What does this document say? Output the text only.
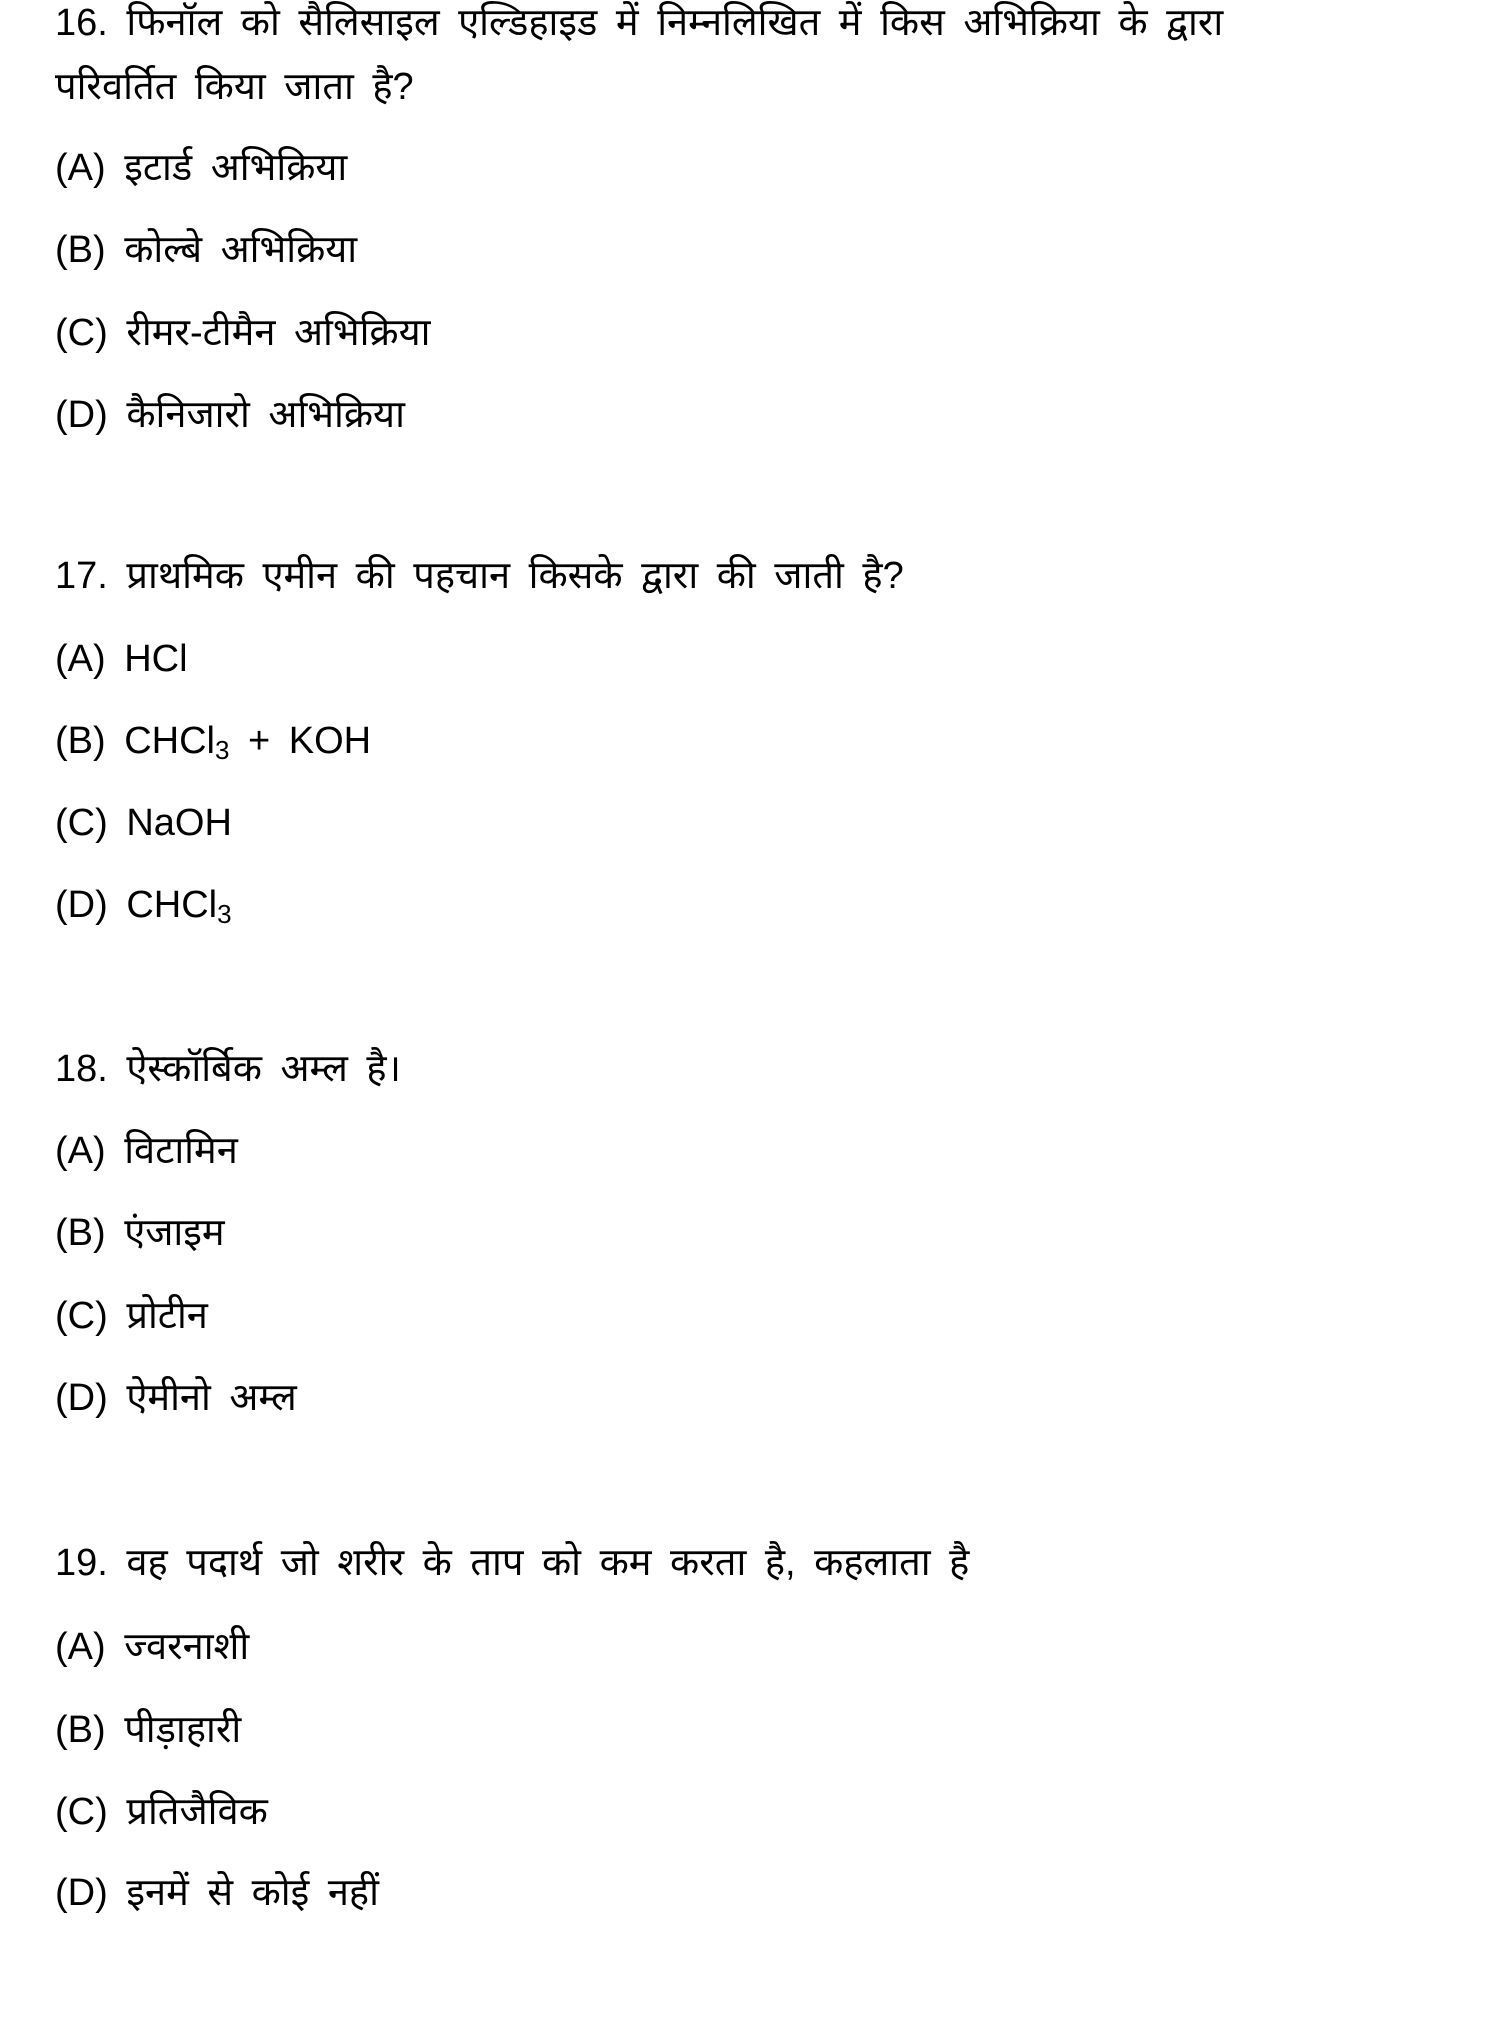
16. फिनॉल को सैलिसाइल एल्डिहाइड में निम्नलिखित में किस अभिक्रिया के द्वारा
परिवर्तित किया जाता है?
(A) इटार्ड अभिक्रिया
(B) कोल्बे अभिक्रिया
(C) रीमर-टीमैन अभिक्रिया
(D) कैनिजारो अभिक्रिया
17. प्राथमिक एमीन की पहचान किसके द्वारा की जाती है?
(A) HCl
(B) CHCl$_3$ + KOH
(C) NaOH
(D) CHCl$_3$
18. ऐस्कॉर्बिक अम्ल है।
(A) विटामिन
(B) एंजाइम
(C) प्रोटीन
(D) ऐमीनो अम्ल
19. वह पदार्थ जो शरीर के ताप को कम करता है, कहलाता है
(A) ज्वरनाशी
(B) पीड़ाहारी
(C) प्रतिजैविक
(D) इनमें से कोई नहीं
